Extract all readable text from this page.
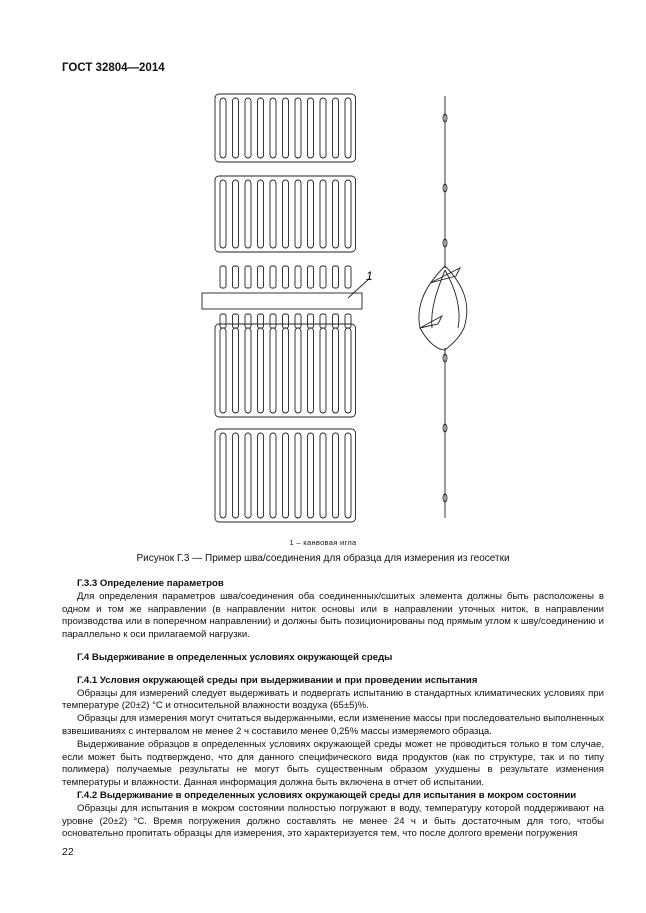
ГОСТ 32804—2014
1
1 – канвовая игла
Рисунок Г.3 — Пример шва/соединения для образца для измерения из геосетки

Г.3.3 Определение параметров

Для определения параметров шва/соединения оба соединенных/сшитых элемента должны быть расположены в одном и том же направлении (в направлении ниток основы или в направлении уточных ниток, в направлении производства или в поперечном направлении) и должны быть позиционированы под прямым углом к шву/соединению и параллельно к оси прилагаемой нагрузки.

Г.4 Выдерживание в определенных условиях окружающей среды

Г.4.1 Условия окружающей среды при выдерживании и при проведении испытания

Образцы для измерений следует выдерживать и подвергать испытанию в стандартных климатических условиях при температуре (20±2) °С и относительной влажности воздуха (65±5)%.

Образцы для измерения могут считаться выдержанными, если изменение массы при последовательно выполненных взвешиваниях с интервалом не менее 2 ч составило менее 0,25% массы измеряемого образца.

Выдерживание образцов в определенных условиях окружающей среды может не проводиться только в том случае, если может быть подтверждено, что для данного специфического вида продуктов (как по структуре, так и по типу полимера) получаемые результаты не могут быть существенным образом ухудшены в результате изменения температуры и влажности. Данная информация должна быть включена в отчет об испытании.

Г.4.2 Выдерживание в определенных условиях окружающей среды для испытания в мокром состоянии

Образцы для испытания в мокром состоянии полностью погружают в воду, температуру которой поддерживают на уровне (20±2) °С. Время погружения должно составлять не менее 24 ч и быть достаточным для того, чтобы основательно пропитать образцы для измерения, это характеризуется тем, что после долгого времени погружения

22
